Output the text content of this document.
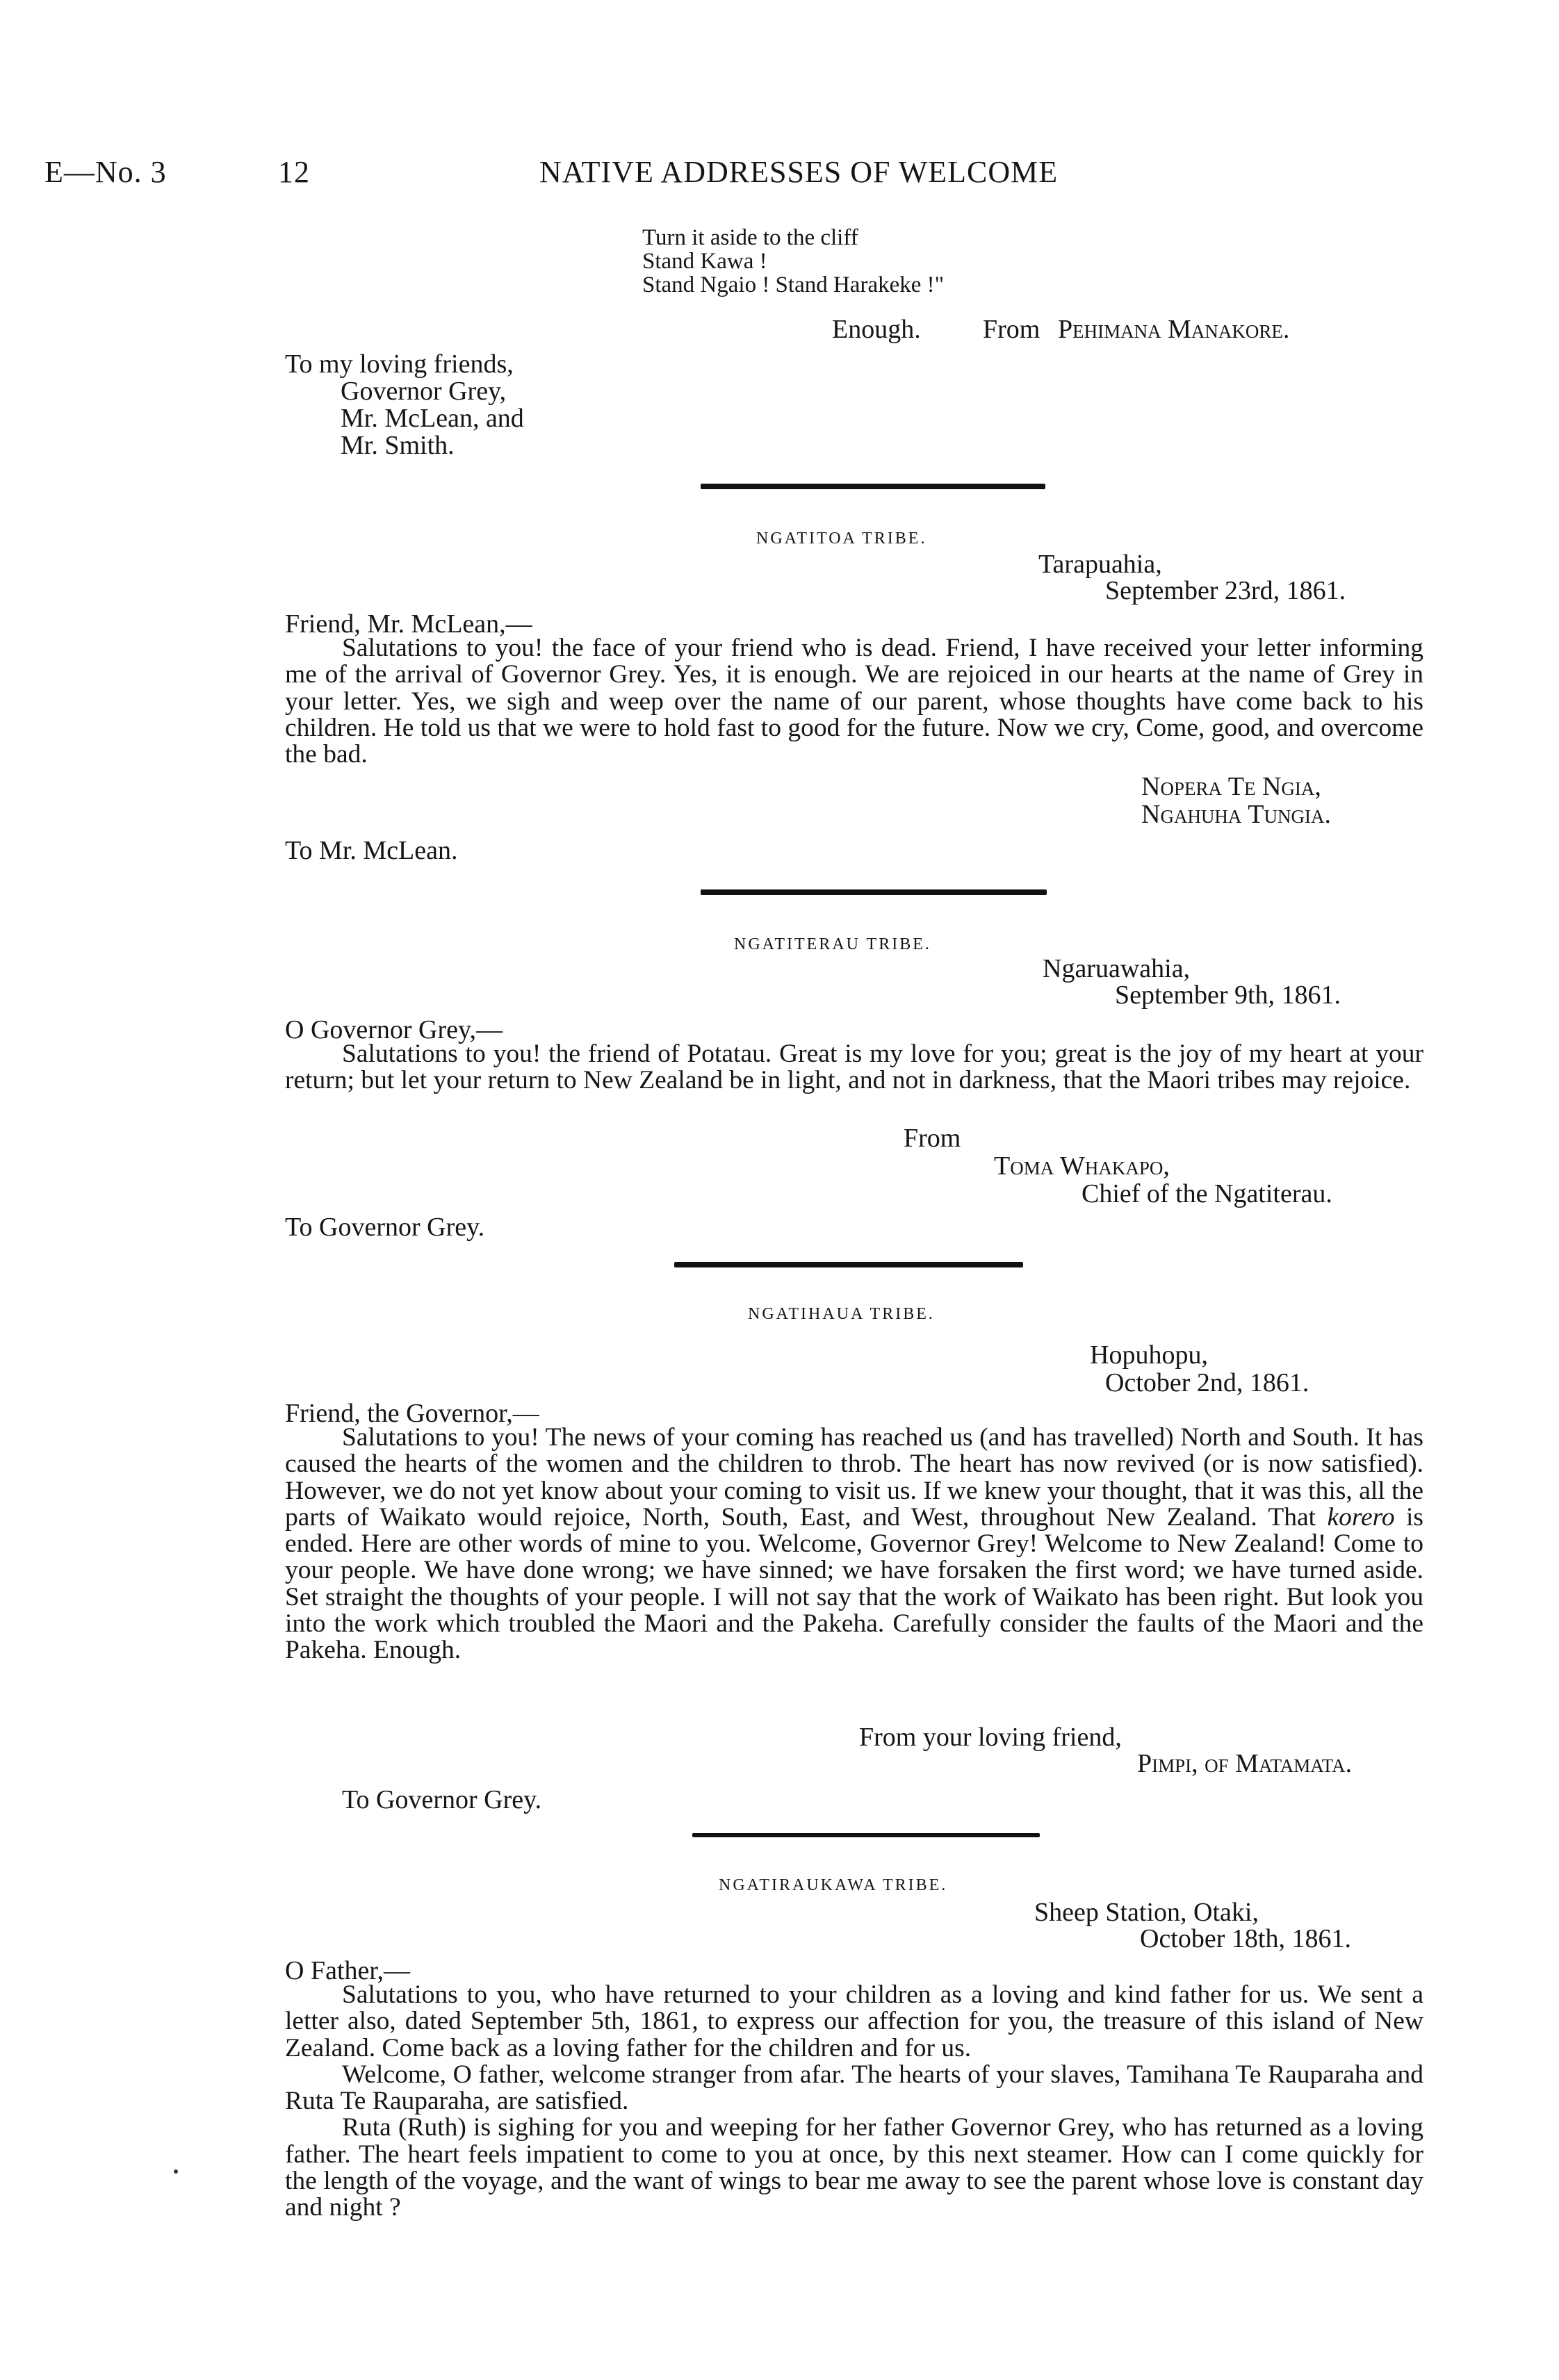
E—No. 3	12	NATIVE ADDRESSES OF WELCOME
Turn it aside to the cliff
Stand Kawa !
Stand Ngaio ! Stand Harakeke !"
Enough. From Pehimana Manakore.
To my loving friends,
Governor Grey,
Mr. McLean, and
Mr. Smith.
NGATITOA TRIBE.
Tarapuahia,
September 23rd, 1861.
Friend, Mr. McLean,—

Salutations to you! the face of your friend who is dead. Friend, I have received your letter informing me of the arrival of Governor Grey. Yes, it is enough. We are rejoiced in our hearts at the name of Grey in your letter. Yes, we sigh and weep over the name of our parent, whose thoughts have come back to his children. He told us that we were to hold fast to good for the future. Now we cry, Come, good, and overcome the bad.

Nopera Te Ngia,
Ngahuha Tungia.
To Mr. McLean.
NGATITERAU TRIBE.
Ngaruawahia,
September 9th, 1861.
O Governor Grey,—

Salutations to you! the friend of Potatau. Great is my love for you; great is the joy of my heart at your return; but let your return to New Zealand be in light, and not in darkness, that the Maori tribes may rejoice.

From
Toma Whakapo,
Chief of the Ngatiterau.
To Governor Grey.
NGATIHAUA TRIBE.
Hopuhopu,
October 2nd, 1861.
Friend, the Governor,—

Salutations to you! The news of your coming has reached us (and has travelled) North and South. It has caused the hearts of the women and the children to throb. The heart has now revived (or is now satisfied). However, we do not yet know about your coming to visit us. If we knew your thought, that it was this, all the parts of Waikato would rejoice, North, South, East, and West, throughout New Zealand. That korero is ended. Here are other words of mine to you. Welcome, Governor Grey! Welcome to New Zealand! Come to your people. We have done wrong; we have sinned; we have forsaken the first word; we have turned aside. Set straight the thoughts of your people. I will not say that the work of Waikato has been right. But look you into the work which troubled the Maori and the Pakeha. Carefully consider the faults of the Maori and the Pakeha. Enough.

From your loving friend,
Pimpi, of Matamata.
To Governor Grey.
NGATIRAUKAWA TRIBE.
Sheep Station, Otaki,
October 18th, 1861.
O Father,—

Salutations to you, who have returned to your children as a loving and kind father for us. We sent a letter also, dated September 5th, 1861, to express our affection for you, the treasure of this island of New Zealand. Come back as a loving father for the children and for us.

Welcome, O father, welcome stranger from afar. The hearts of your slaves, Tamihana Te Rauparaha and Ruta Te Rauparaha, are satisfied.

Ruta (Ruth) is sighing for you and weeping for her father Governor Grey, who has returned as a loving father. The heart feels impatient to come to you at once, by this next steamer. How can I come quickly for the length of the voyage, and the want of wings to bear me away to see the parent whose love is constant day and night ?
